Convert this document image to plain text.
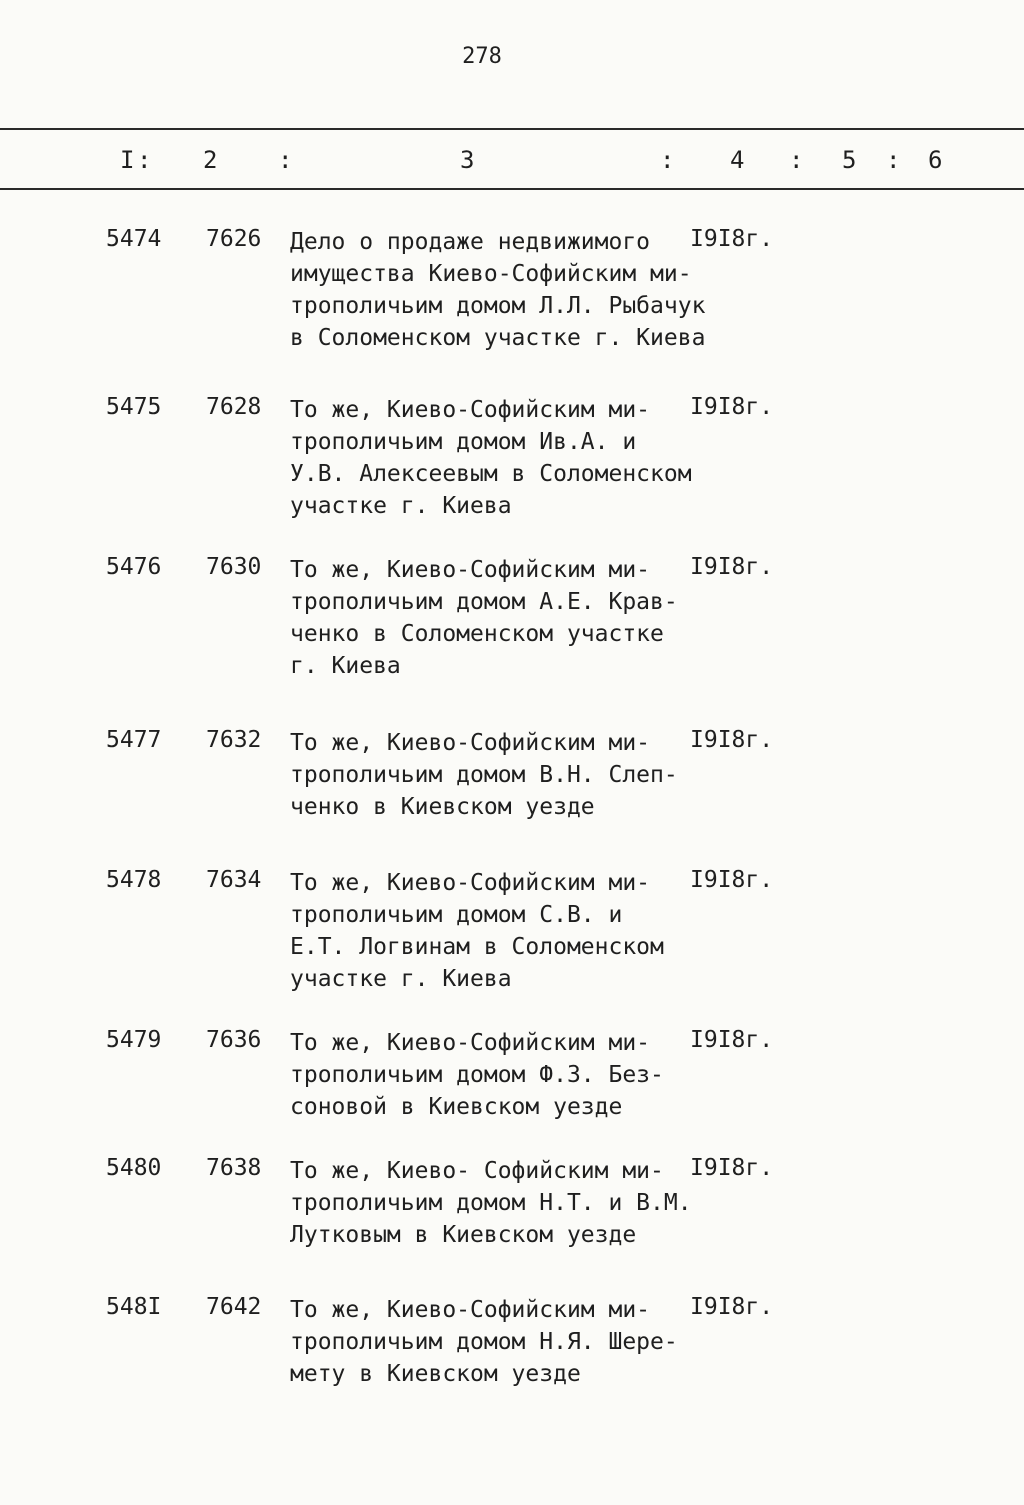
278
I : 2	:	3	: 4 : 5 : 6
5474 7626 Дело о продаже недвижимого
имущества Киево-Софийским ми-
трополичьим домом Л.Л. Рыбачук
в Соломенском участке г. Киева
I9I8г.
5475 7628 То же, Киево-Софийским ми-
трополичьим домом Ив.А. и
У.В. Алексеевым в Соломенском
участке г. Киева
I9I8г.
5476 7630 То же, Киево-Софийским ми-
трополичьим домом А.Е. Крав-
ченко в Соломенском участке
г. Киева
I9I8г.
5477 7632 То же, Киево-Софийским ми-
трополичьим домом В.Н. Слеп-
ченко в Киевском уезде
I9I8г.
5478 7634 То же, Киево-Софийским ми-
трополичьим домом С.В. и
Е.Т. Логвинам в Соломенском
участке г. Киева
I9I8г.
5479 7636 То же, Киево-Софийским ми-
трополичьим домом Ф.З. Без-
соновой в Киевском уезде
I9I8г.
5480 7638 То же, Киево- Софийским ми-
трополичьим домом Н.Т. и В.М.
Лутковым в Киевском уезде
I9I8г.
548I 7642 То же, Киево-Софийским ми-
трополичьим домом Н.Я. Шере-
мету в Киевском уезде
I9I8г.
